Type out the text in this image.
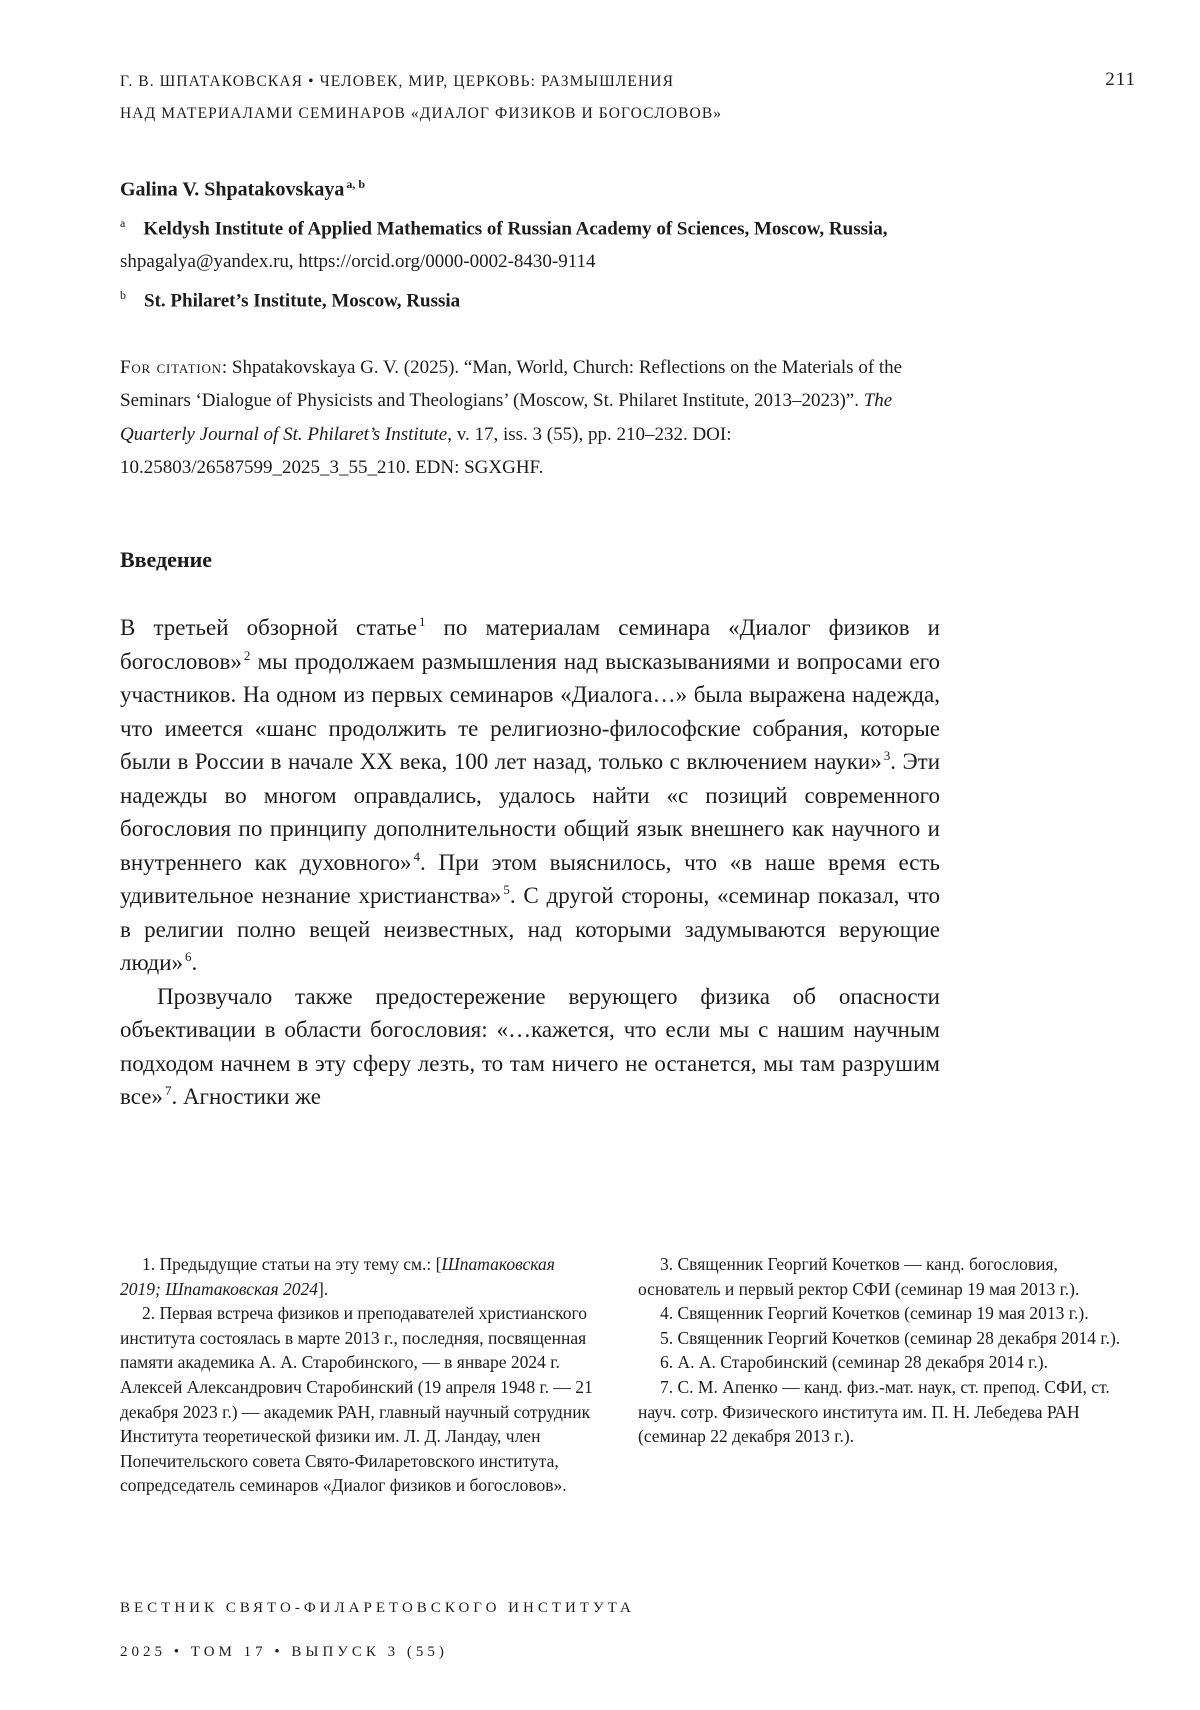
Г. В. ШПАТАКОВСКАЯ • ЧЕЛОВЕК, МИР, ЦЕРКОВЬ: РАЗМЫШЛЕНИЯ
НАД МАТЕРИАЛАМИ СЕМИНАРОВ «ДИАЛОГ ФИЗИКОВ И БОГОСЛОВОВ»
211

Galina V. Shpatakovskaya $^{a, b}$

$^a$ Keldysh Institute of Applied Mathematics of Russian Academy of Sciences, Moscow, Russia, shpagalya@yandex.ru, https://orcid.org/0000-0002-8430-9114

$^b$ St. Philaret’s Institute, Moscow, Russia

For citation: Shpatakovskaya G. V. (2025). “Man, World, Church: Reflections on the Materials of the Seminars ‘Dialogue of Physicists and Theologians’ (Moscow, St. Philaret Institute, 2013–2023)”. The Quarterly Journal of St. Philaret’s Institute, v. 17, iss. 3 (55), pp. 210–232. DOI: 10.25803/26587599_2025_3_55_210. EDN: SGXGHF.

Введение

В третьей обзорной статье $^1$ по материалам семинара «Диалог физиков и богословов» $^2$ мы продолжаем размышления над высказываниями и вопросами его участников. На одном из первых семинаров «Диалога…» была выражена надежда, что имеется «шанс продолжить те религиозно-философские собрания, которые были в России в начале XX века, 100 лет назад, только с включением науки» $^3$. Эти надежды во многом оправдались, удалось найти «с позиций современного богословия по принципу дополнительности общий язык внешнего как научного и внутреннего как духовного» $^4$. При этом выяснилось, что «в наше время есть удивительное незнание христианства» $^5$. С другой стороны, «семинар показал, что в религии полно вещей неизвестных, над которыми задумываются верующие люди» $^6$.

Прозвучало также предостережение верующего физика об опасности объективации в области богословия: «…кажется, что если мы с нашим научным подходом начнем в эту сферу лезть, то там ничего не останется, мы там разрушим все» $^7$. Агностики же

1. Предыдущие статьи на эту тему см.: [Шпатаковская 2019; Шпатаковская 2024].

2. Первая встреча физиков и преподавателей христианского института состоялась в марте 2013 г., последняя, посвященная памяти академика А. А. Старобинского, — в январе 2024 г. Алексей Александрович Старобинский (19 апреля 1948 г. — 21 декабря 2023 г.) — академик РАН, главный научный сотрудник Института теоретической физики им. Л. Д. Ландау, член Попечительского совета Свято-Филаретовского института, сопредседатель семинаров «Диалог физиков и богословов».

3. Священник Георгий Кочетков — канд. богословия, основатель и первый ректор СФИ (семинар 19 мая 2013 г.).

4. Священник Георгий Кочетков (семинар 19 мая 2013 г.).

5. Священник Георгий Кочетков (семинар 28 декабря 2014 г.).

6. А. А. Старобинский (семинар 28 декабря 2014 г.).

7. С. М. Апенко — канд. физ.-мат. наук, ст. препод. СФИ, ст. науч. сотр. Физического института им. П. Н. Лебедева РАН (семинар 22 декабря 2013 г.).

ВЕСТНИК СВЯТО-ФИЛАРЕТОВСКОГО ИНСТИТУТА
2025 • ТОМ 17 • ВЫПУСК 3 (55)
